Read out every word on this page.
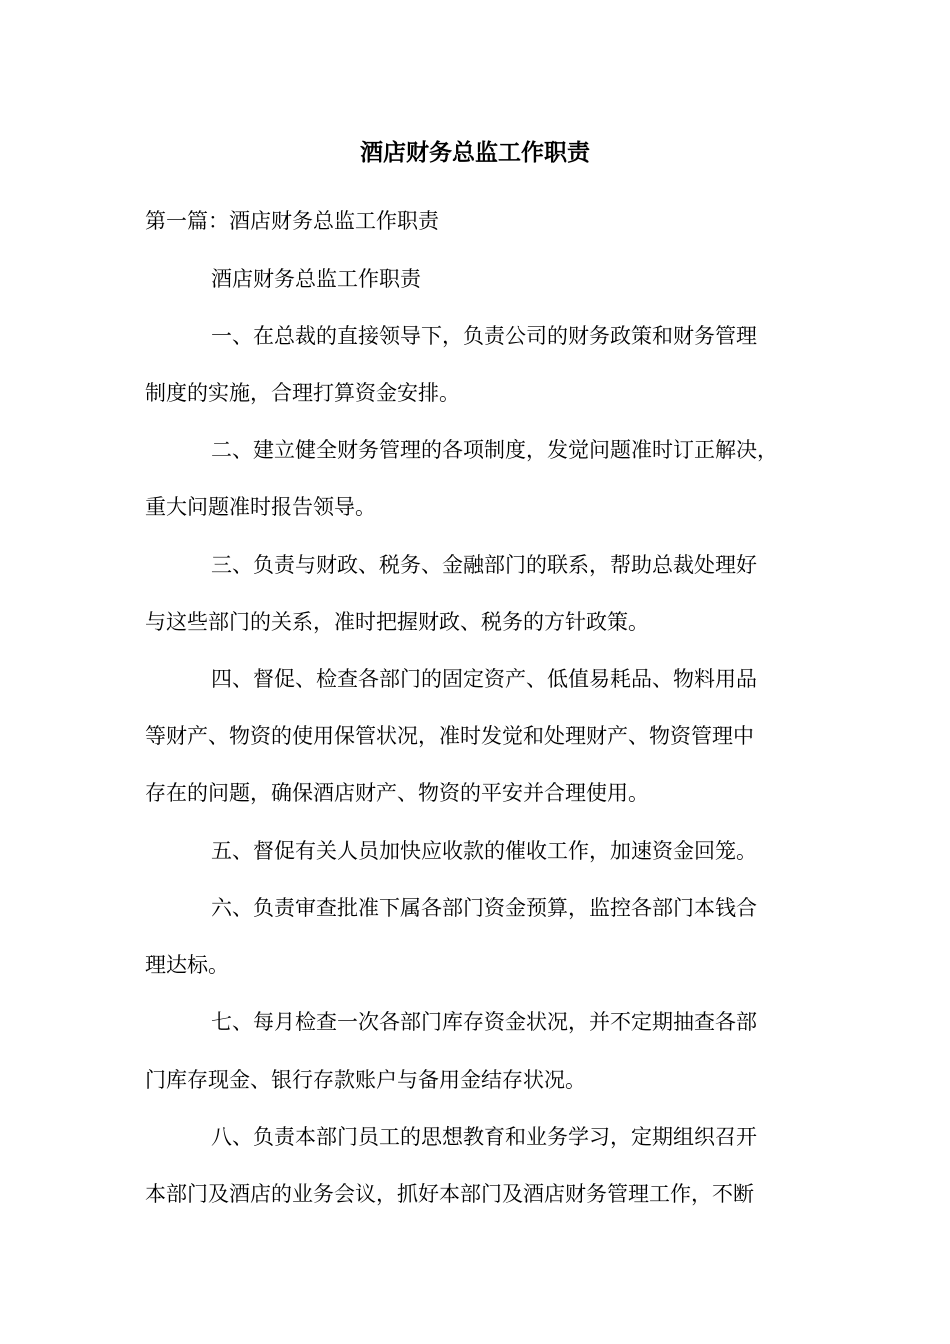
酒店财务总监工作职责

第一篇：酒店财务总监工作职责

酒店财务总监工作职责

一、在总裁的直接领导下，负责公司的财务政策和财务管理

制度的实施，合理打算资金安排。

二、建立健全财务管理的各项制度，发觉问题准时订正解决，

重大问题准时报告领导。

三、负责与财政、税务、金融部门的联系，帮助总裁处理好

与这些部门的关系，准时把握财政、税务的方针政策。

四、督促、检查各部门的固定资产、低值易耗品、物料用品

等财产、物资的使用保管状况，准时发觉和处理财产、物资管理中

存在的问题，确保酒店财产、物资的平安并合理使用。

五、督促有关人员加快应收款的催收工作，加速资金回笼。

六、负责审查批准下属各部门资金预算，监控各部门本钱合

理达标。

七、每月检查一次各部门库存资金状况，并不定期抽查各部

门库存现金、银行存款账户与备用金结存状况。

八、负责本部门员工的思想教育和业务学习，定期组织召开

本部门及酒店的业务会议，抓好本部门及酒店财务管理工作，不断
